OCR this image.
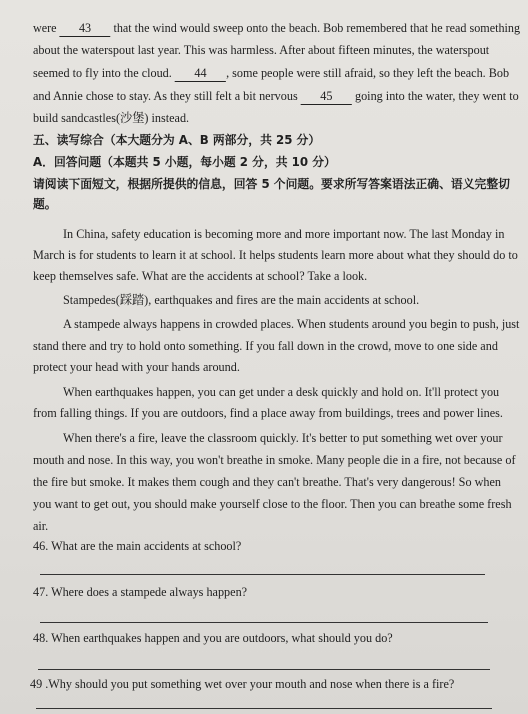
were 43 that the wind would sweep onto the beach. Bob remembered that he read something
about the waterspout last year. This was harmless. After about fifteen minutes, the waterspout
seemed to fly into the cloud. 44 , some people were still afraid, so they left the beach. Bob
and Annie chose to stay. As they still felt a bit nervous 45 going into the water, they went to
build sandcastles(沙堡) instead.
五、读写综合（本大题分为 A、B 两部分，共 25 分）
A．回答问题（本题共 5 小题，每小题 2 分，共 10 分）
请阅读下面短文，根据所提供的信息，回答 5 个问题。要求所写答案语法正确、语义完整切
题。
In China, safety education is becoming more and more important now. The last Monday in
March is for students to learn it at school. It helps students learn more about what they should do to
keep themselves safe. What are the accidents at school? Take a look.
Stampedes(踩踏), earthquakes and fires are the main accidents at school.
A stampede always happens in crowded places. When students around you begin to push, just
stand there and try to hold onto something. If you fall down in the crowd, move to one side and
protect your head with your hands around.
When earthquakes happen, you can get under a desk quickly and hold on. It'll protect you
from falling things. If you are outdoors, find a place away from buildings, trees and power lines.
When there's a fire, leave the classroom quickly. It's better to put something wet over your
mouth and nose. In this way, you won't breathe in smoke. Many people die in a fire, not because of
the fire but smoke. It makes them cough and they can't breathe. That's very dangerous! So when
you want to get out, you should make yourself close to the floor. Then you can breathe some fresh
air.
46. What are the main accidents at school?
47. Where does a stampede always happen?
48. When earthquakes happen and you are outdoors, what should you do?
49 .Why should you put something wet over your mouth and nose when there is a fire?
